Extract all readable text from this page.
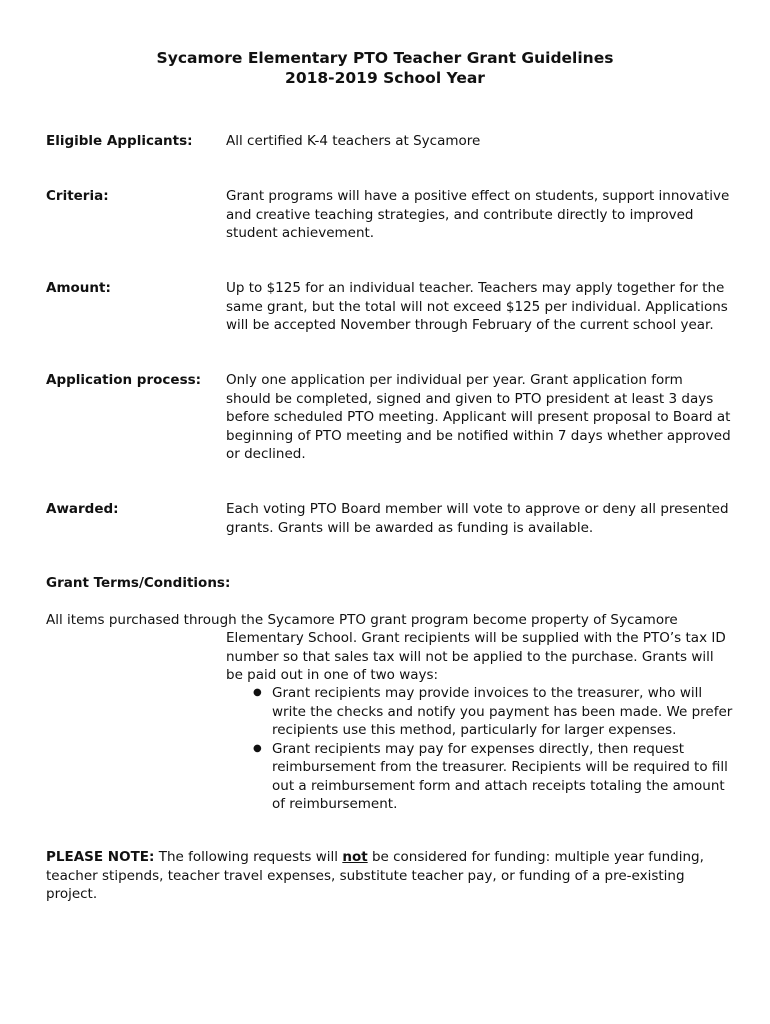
Sycamore Elementary PTO Teacher Grant Guidelines
2018-2019 School Year
Eligible Applicants: All certified K-4 teachers at Sycamore
Criteria:	Grant programs will have a positive effect on students, support innovative and creative teaching strategies, and contribute directly to improved student achievement.
Amount:	Up to $125 for an individual teacher. Teachers may apply together for the same grant, but the total will not exceed $125 per individual. Applications will be accepted November through February of the current school year.
Application process: Only one application per individual per year. Grant application form should be completed, signed and given to PTO president at least 3 days before scheduled PTO meeting. Applicant will present proposal to Board at beginning of PTO meeting and be notified within 7 days whether approved or declined.
Awarded:	Each voting PTO Board member will vote to approve or deny all presented grants. Grants will be awarded as funding is available.
Grant Terms/Conditions:
All items purchased through the Sycamore PTO grant program become property of Sycamore
Elementary School. Grant recipients will be supplied with the PTO’s tax ID number so that sales tax will not be applied to the purchase. Grants will be paid out in one of two ways:
● Grant recipients may provide invoices to the treasurer, who will write the checks and notify you payment has been made. We prefer recipients use this method, particularly for larger expenses.
● Grant recipients may pay for expenses directly, then request reimbursement from the treasurer. Recipients will be required to fill out a reimbursement form and attach receipts totaling the amount of reimbursement.
PLEASE NOTE: The following requests will not be considered for funding: multiple year funding, teacher stipends, teacher travel expenses, substitute teacher pay, or funding of a pre-existing project.
